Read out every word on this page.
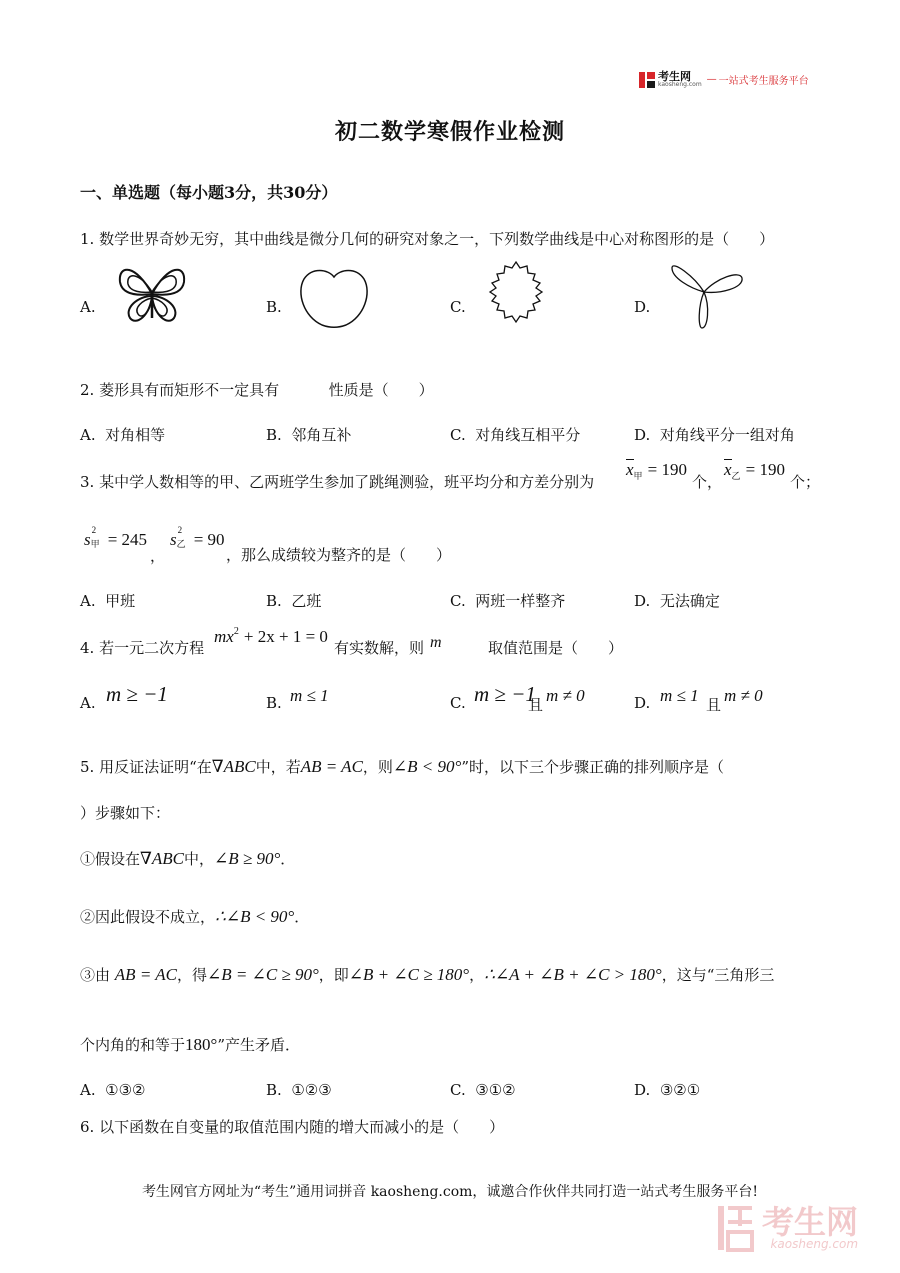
考生网
kaosheng.com — 一站式考生服务平台
初二数学寒假作业检测
一、单选题（每小题3分，共30分）
1. 数学世界奇妙无穷，其中曲线是微分几何的研究对象之一，下列数学曲线是中心对称图形的是（　　）
A.	B.	C.	D.
2. 菱形具有而矩形不一定具有	性质是（　　）
A. 对角相等	B. 邻角互补	C. 对角线互相平分	D. 对角线平分一组对角
3. 某中学人数相等的甲、乙两班学生参加了跳绳测验，班平均分和方差分别为
$x_甲 = 190$
个，
$x_乙 = 190$
个；
s 2
甲 = 245
，
s 2
乙 = 90
，那么成绩较为整齐的是（　　）
A. 甲班	B. 乙班	C. 两班一样整齐	D. 无法确定
4. 若一元二次方程
$mx^2 + 2x + 1 = 0$
有实数解，则 m	取值范围是（　　）
A. m ≥ −1	B. m ≤ 1	C. m ≥ −1
且 m ≠ 0	D. m ≤ 1 且 m ≠ 0
5. 用反证法证明“在∇ABC中，若AB = AC，则∠B < 90°”时，以下三个步骤正确的排列顺序是（
）步骤如下：
①假设在∇ABC中，∠B ≥ 90°．
②因此假设不成立，∴∠B < 90°．
③由 AB = AC，得∠B = ∠C ≥ 90°，即∠B + ∠C ≥ 180°，∴∠A + ∠B + ∠C > 180°，这与“三角形三
个内角的和等于180°”产生矛盾．
A. ①③②	B. ①②③	C. ③①②	D. ③②①
6. 以下函数在自变量的取值范围内随的增大而减小的是（　　）
考生网官方网址为“考生”通用词拼音 kaosheng.com，诚邀合作伙伴共同打造一站式考生服务平台!
考生网
kaosheng.com
